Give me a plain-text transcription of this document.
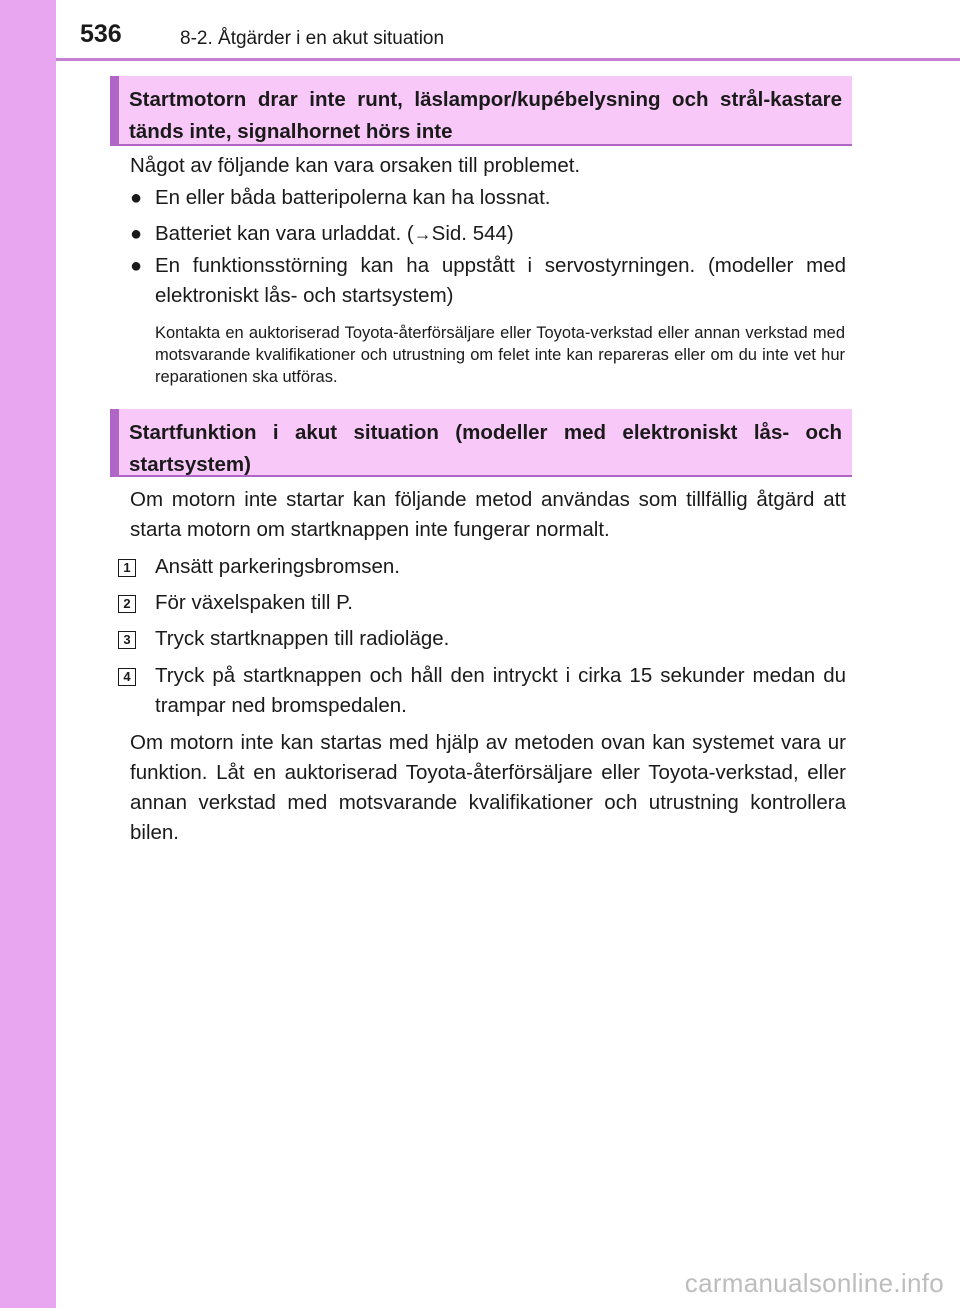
536	8-2. Åtgärder i en akut situation
Startmotorn drar inte runt, läslampor/kupébelysning och strål-kastare tänds inte, signalhornet hörs inte
Något av följande kan vara orsaken till problemet.
● En eller båda batteripolerna kan ha lossnat.
● Batteriet kan vara urladdat. (→Sid. 544)
● En funktionsstörning kan ha uppstått i servostyrningen. (modeller med elektroniskt lås- och startsystem)
Kontakta en auktoriserad Toyota-återförsäljare eller Toyota-verkstad eller annan verkstad med motsvarande kvalifikationer och utrustning om felet inte kan repareras eller om du inte vet hur reparationen ska utföras.
Startfunktion i akut situation (modeller med elektroniskt lås- och startsystem)
Om motorn inte startar kan följande metod användas som tillfällig åtgärd att starta motorn om startknappen inte fungerar normalt.
1 Ansätt parkeringsbromsen.
2 För växelspaken till P.
3 Tryck startknappen till radioläge.
4 Tryck på startknappen och håll den intryckt i cirka 15 sekunder medan du trampar ned bromspedalen.
Om motorn inte kan startas med hjälp av metoden ovan kan systemet vara ur funktion. Låt en auktoriserad Toyota-återförsäljare eller Toyota-verkstad, eller annan verkstad med motsvarande kvalifikationer och utrustning kontrollera bilen.
carmanualsonline.info
